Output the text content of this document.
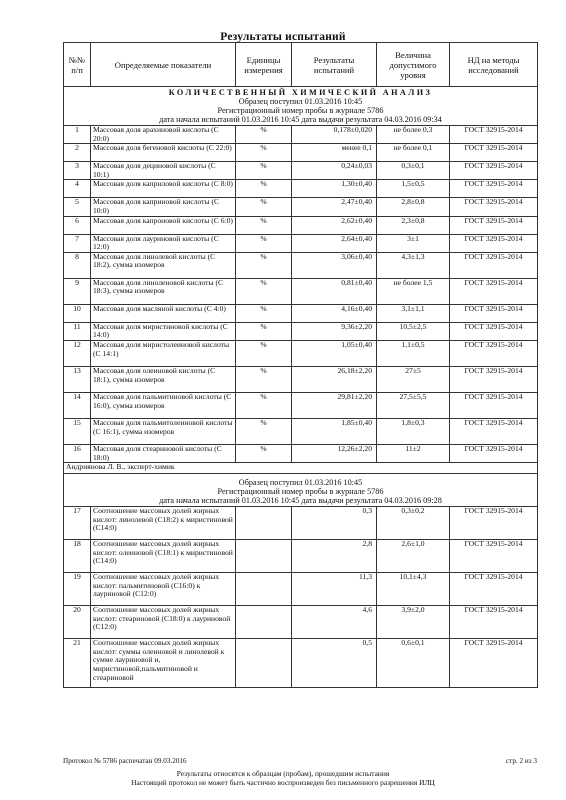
Результаты испытаний
№№ п/п	Определяемые показатели	Единицы измерения	Результаты испытаний	Величина допустимого уровня	НД на методы исследований

КОЛИЧЕСТВЕННЫЙ ХИМИЧЕСКИЙ АНАЛИЗ
Образец поступил 01.03.2016 10:45
Регистрационный номер пробы в журнале 5786
дата начала испытаний 01.03.2016 10:45 дата выдачи результата 04.03.2016 09:34					

1	Массовая доля арахиновой кислоты (С 20:0)	%	0,178±0,020	не более 0,3	ГОСТ 32915-2014
2	Массовая доля бегеновой кислоты (С 22:0)	%	менее 0,1	не более 0,1	ГОСТ 32915-2014
3	Массовая доля дециновой кислоты (С 10:1)	%	0,24±0,03	0,3±0,1	ГОСТ 32915-2014
4	Массовая доля каприловой кислоты (С 8:0)	%	1,30±0,40	1,5±0,5	ГОСТ 32915-2014
5	Массовая доля каприновой кислоты (С 10:0)	%	2,47±0,40	2,8±0,8	ГОСТ 32915-2014
6	Массовая доля капроновой кислоты (С 6:0)	%	2,62±0,40	2,3±0,8	ГОСТ 32915-2014
7	Массовая доля лауриновой кислоты (С 12:0)	%	2,64±0,40	3±1	ГОСТ 32915-2014
8	Массовая доля линолевой кислоты (С 18:2), сумма изомеров	%	3,06±0,40	4,3±1,3	ГОСТ 32915-2014
9	Массовая доля линоленовой кислоты (С 18:3), сумма изомеров	%	0,81±0,40	не более 1,5	ГОСТ 32915-2014
10	Массовая доля масляной кислоты (С 4:0)	%	4,16±0,40	3,1±1,1	ГОСТ 32915-2014
11	Массовая доля миристиновой кислоты (С 14:0)	%	9,36±2,20	10,5±2,5	ГОСТ 32915-2014
12	Массовая доля миристолеиновой кислоты (С 14:1)	%	1,05±0,40	1,1±0,5	ГОСТ 32915-2014
13	Массовая доля олеиновой кислоты (С 18:1), сумма изомеров	%	26,18±2,20	27±5	ГОСТ 32915-2014
14	Массовая доля пальмитиновой кислоты (С 16:0), сумма изомеров	%	29,81±2,20	27,5±5,5	ГОСТ 32915-2014
15	Массовая доля пальмитолеиновой кислоты (С 16:1), сумма изомеров	%	1,85±0,40	1,8±0,3	ГОСТ 32915-2014
16	Массовая доля стеариновой кислоты (С 18:0)	%	12,26±2,20	11±2	ГОСТ 32915-2014
Андриянова Л. В., эксперт-химик					

Образец поступил 01.03.2016 10:45
Регистрационный номер пробы в журнале 5786
дата начала испытаний 01.03.2016 10:45 дата выдачи результата 04.03.2016 09:28					

17	Соотношение массовых долей жирных кислот: линолевой (С18:2) к миристиновой (С14:0)		0,3	0,3±0,2	ГОСТ 32915-2014
18	Соотношение массовых долей жирных кислот: олеиновой (С18:1) к миристиновой (С14:0)		2,8	2,6±1,0	ГОСТ 32915-2014
19	Соотношение массовых долей жирных кислот: пальмитиновой (С16:0) к лауриновой (С12:0)		11,3	10,1±4,3	ГОСТ 32915-2014
20	Соотношение массовых долей жирных кислот: стеариновой (С18:0) к лауриновой (С12:0)		4,6	3,9±2,0	ГОСТ 32915-2014
21	Соотношение массовых долей жирных кислот: суммы олеиновой и линолевой к сумме лауриновой и, миристиновой,пальмитиновой и стеариновой		0,5	0,6±0,1	ГОСТ 32915-2014
Протокол № 5786 распечатан 09.03.2016	стр. 2 из 3
Результаты относятся к образцам (пробам), прошедшим испытания
Настоящий протокол не может быть частично воспроизведен без письменного разрешения ИЛЦ
